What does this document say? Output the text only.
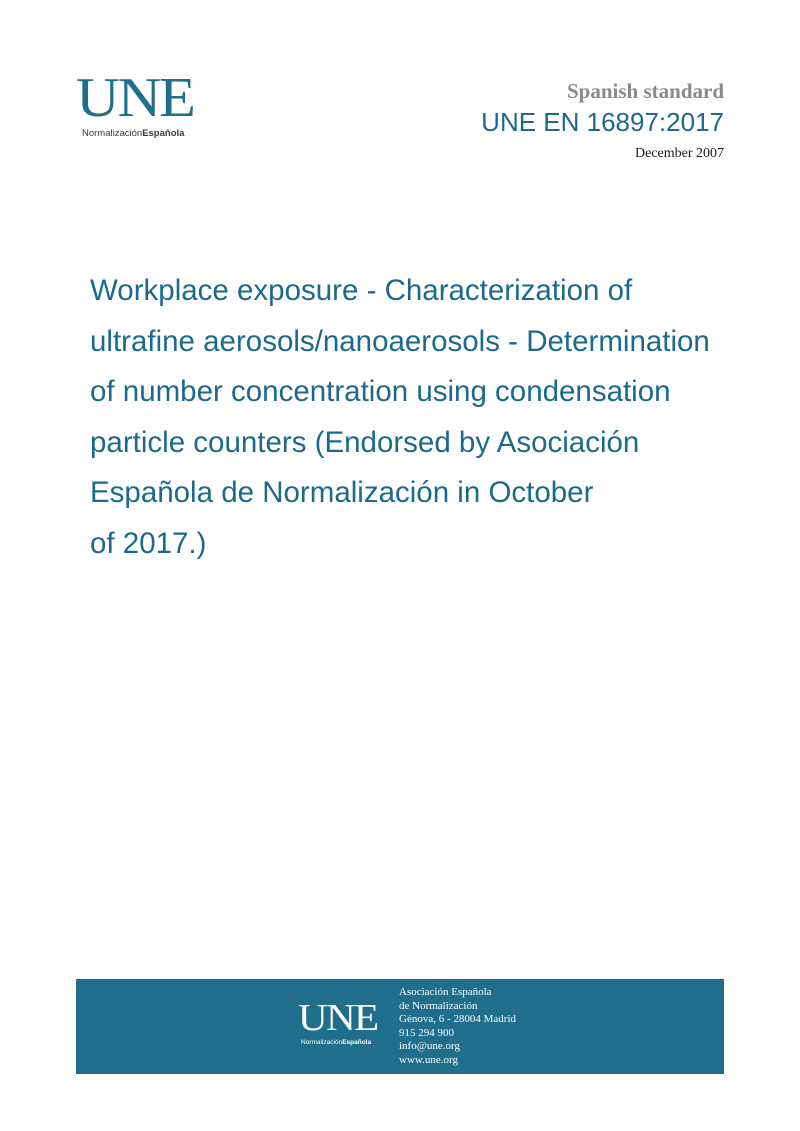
UNE
NormalizaciónEspañola
Spanish standard
UNE EN 16897:2017
December 2007
Workplace exposure - Characterization of
ultrafine aerosols/nanoaerosols - Determination
of number concentration using condensation
particle counters (Endorsed by Asociación
Española de Normalización in October
of 2017.)
UNE
NormalizaciónEspañola
Asociación Española
de Normalización
Génova, 6 - 28004 Madrid
915 294 900
info@une.org
www.une.org
